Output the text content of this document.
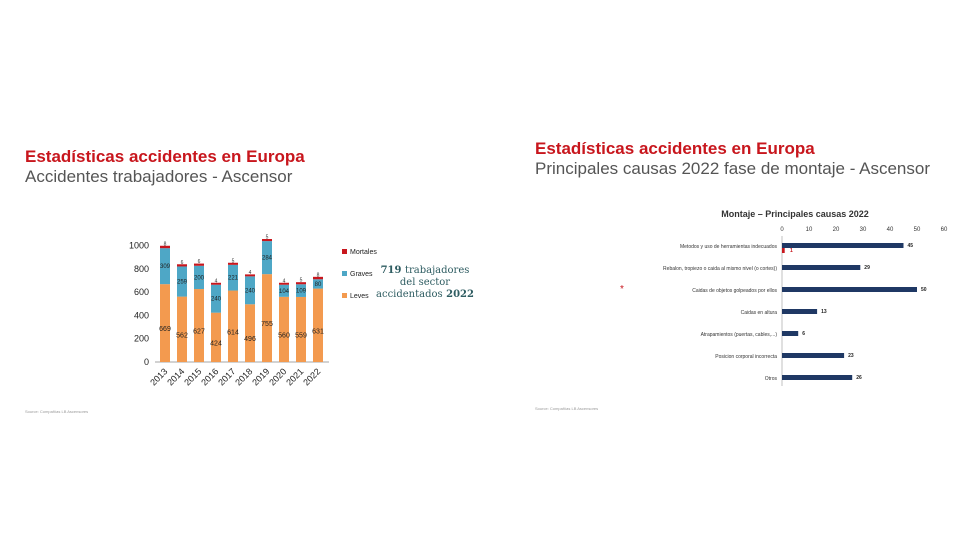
Estadísticas accidentes en Europa
Accidentes trabajadores - Ascensor
0
200
400
600
800
1000	8
309
669
2013
6
259
562
2014
6
200
627
2015
4
240
424
2016
5
221
614
2017
4
240
496
2018
5
284
755
2019
4
104
560
2020
5
109
559
2021
8
80
631
2022
Mortales
Graves
Leves
719 trabajadores
del sector
accidentados 2022
Source: Compañías LB Ascensores
Estadísticas accidentes en Europa
Principales causas 2022 fase de montaje - Ascensor
Montaje – Principales causas 2022
0	10	20	30	40	50	60
Metodos y uso de herramientas indecuados	45
Rebalon, tropiezo o caida al mismo nivel (o cortes))	29
Caidas de objetos golpeados por ellos	50
Caidas en altura	13
Atrapamientos (puertas, cables,...)	6
Posicion corporal incorrecta	23
Otros	26
1
*
Source: Compañías LB Ascensores
